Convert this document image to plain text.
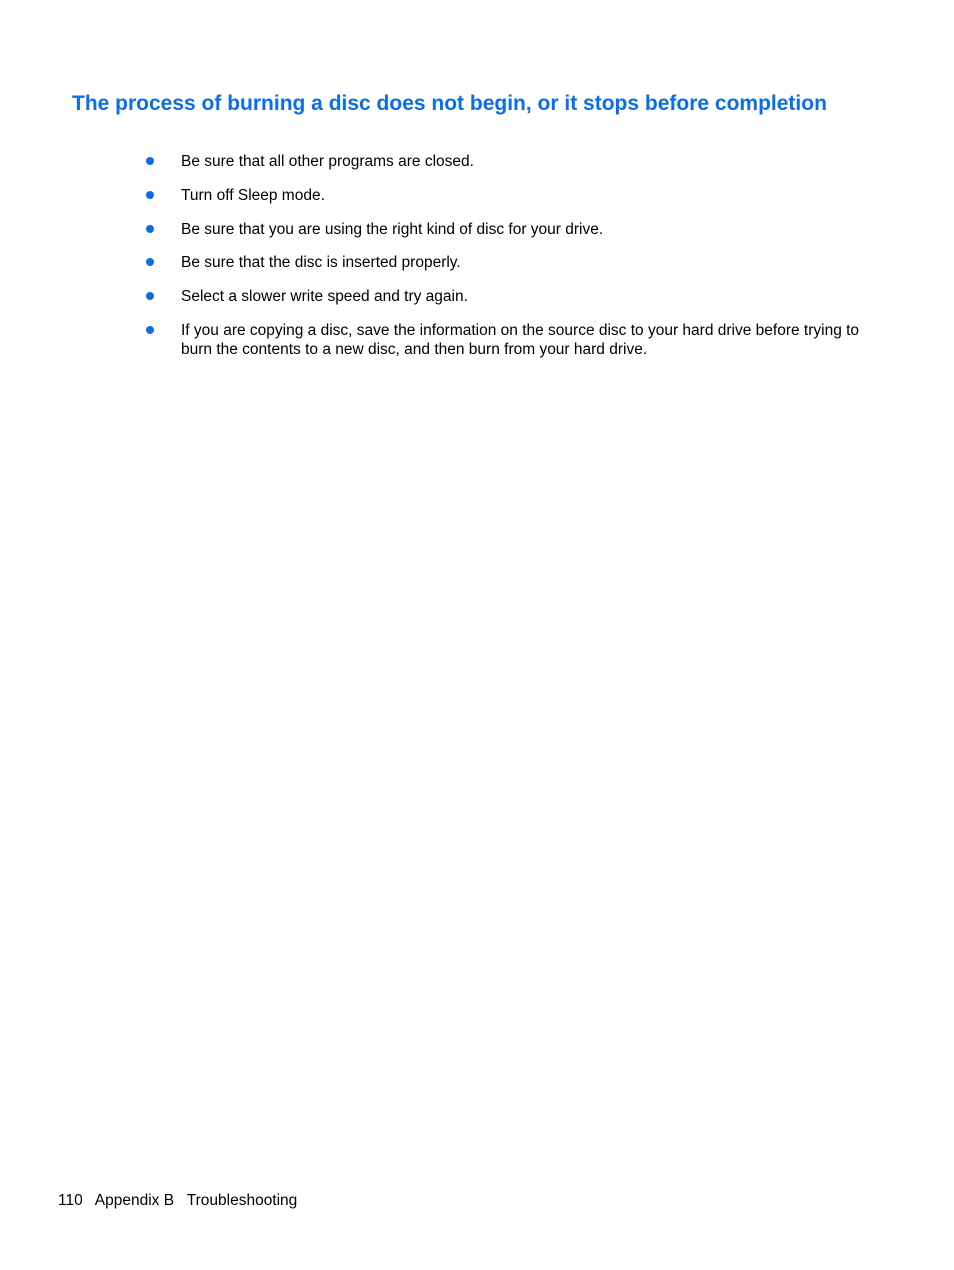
The process of burning a disc does not begin, or it stops before completion
Be sure that all other programs are closed.
Turn off Sleep mode.
Be sure that you are using the right kind of disc for your drive.
Be sure that the disc is inserted properly.
Select a slower write speed and try again.
If you are copying a disc, save the information on the source disc to your hard drive before trying to burn the contents to a new disc, and then burn from your hard drive.
110 Appendix B Troubleshooting
